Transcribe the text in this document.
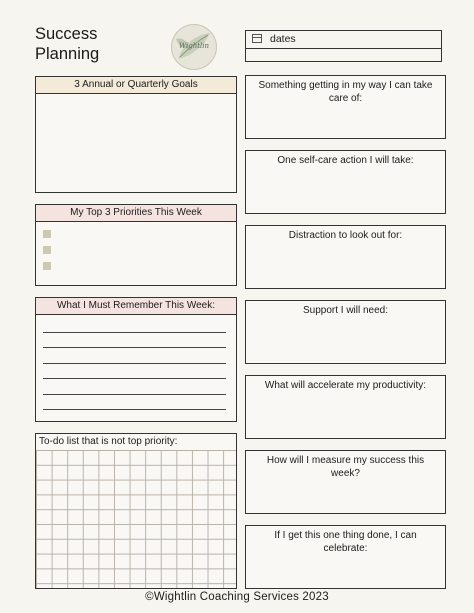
Success
Planning	Wightlin
dates
3 Annual or Quarterly Goals
My Top 3 Priorities This Week
What I Must Remember This Week:
To-do list that is not top priority:
Something getting in my way I can take care of:
One self-care action I will take:
Distraction to look out for:
Support I will need:
What will accelerate my productivity:
How will I measure my success this week?
If I get this one thing done, I can celebrate:
©Wightlin Coaching Services 2023
